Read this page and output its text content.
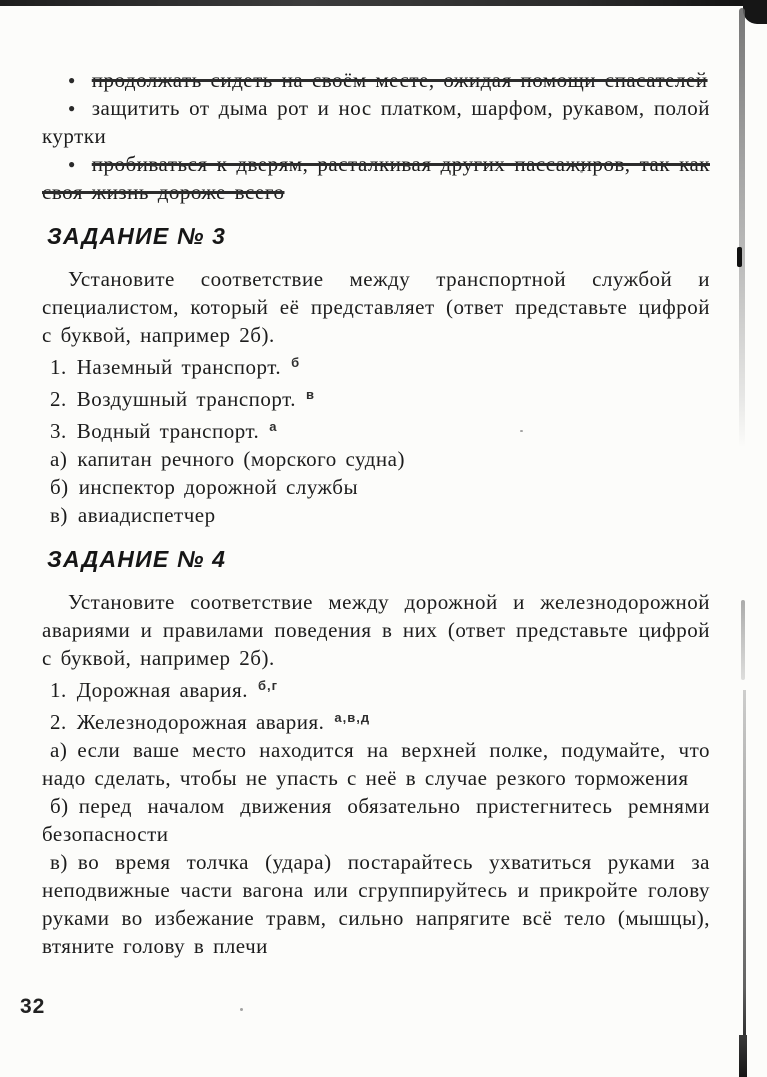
● продолжать сидеть на своём месте, ожидая помощи спасателей

● защитить от дыма рот и нос платком, шарфом, рукавом, полой куртки

● пробиваться к дверям, расталкивая других пассажиров, так как своя жизнь дороже всего

ЗАДАНИЕ № 3

Установите соответствие между транспортной службой и специалистом, который её представляет (ответ представьте цифрой с буквой, например 2б).

1. Наземный транспорт. $^б$

2. Воздушный транспорт. $^в$

3. Водный транспорт. $^а$

а) капитан речного (морского судна)

б) инспектор дорожной службы

в) авиадиспетчер

ЗАДАНИЕ № 4

Установите соответствие между дорожной и железнодорожной авариями и правилами поведения в них (ответ представьте цифрой с буквой, например 2б).

1. Дорожная авария. $^{б,г}$

2. Железнодорожная авария. $^{а,в,д}$

а) если ваше место находится на верхней полке, подумайте, что надо сделать, чтобы не упасть с неё в случае резкого торможения

б) перед началом движения обязательно пристегнитесь ремнями безопасности

в) во время толчка (удара) постарайтесь ухватиться руками за неподвижные части вагона или сгруппируйтесь и прикройте голову руками во избежание травм, сильно напрягите всё тело (мышцы), втяните голову в плечи

32
